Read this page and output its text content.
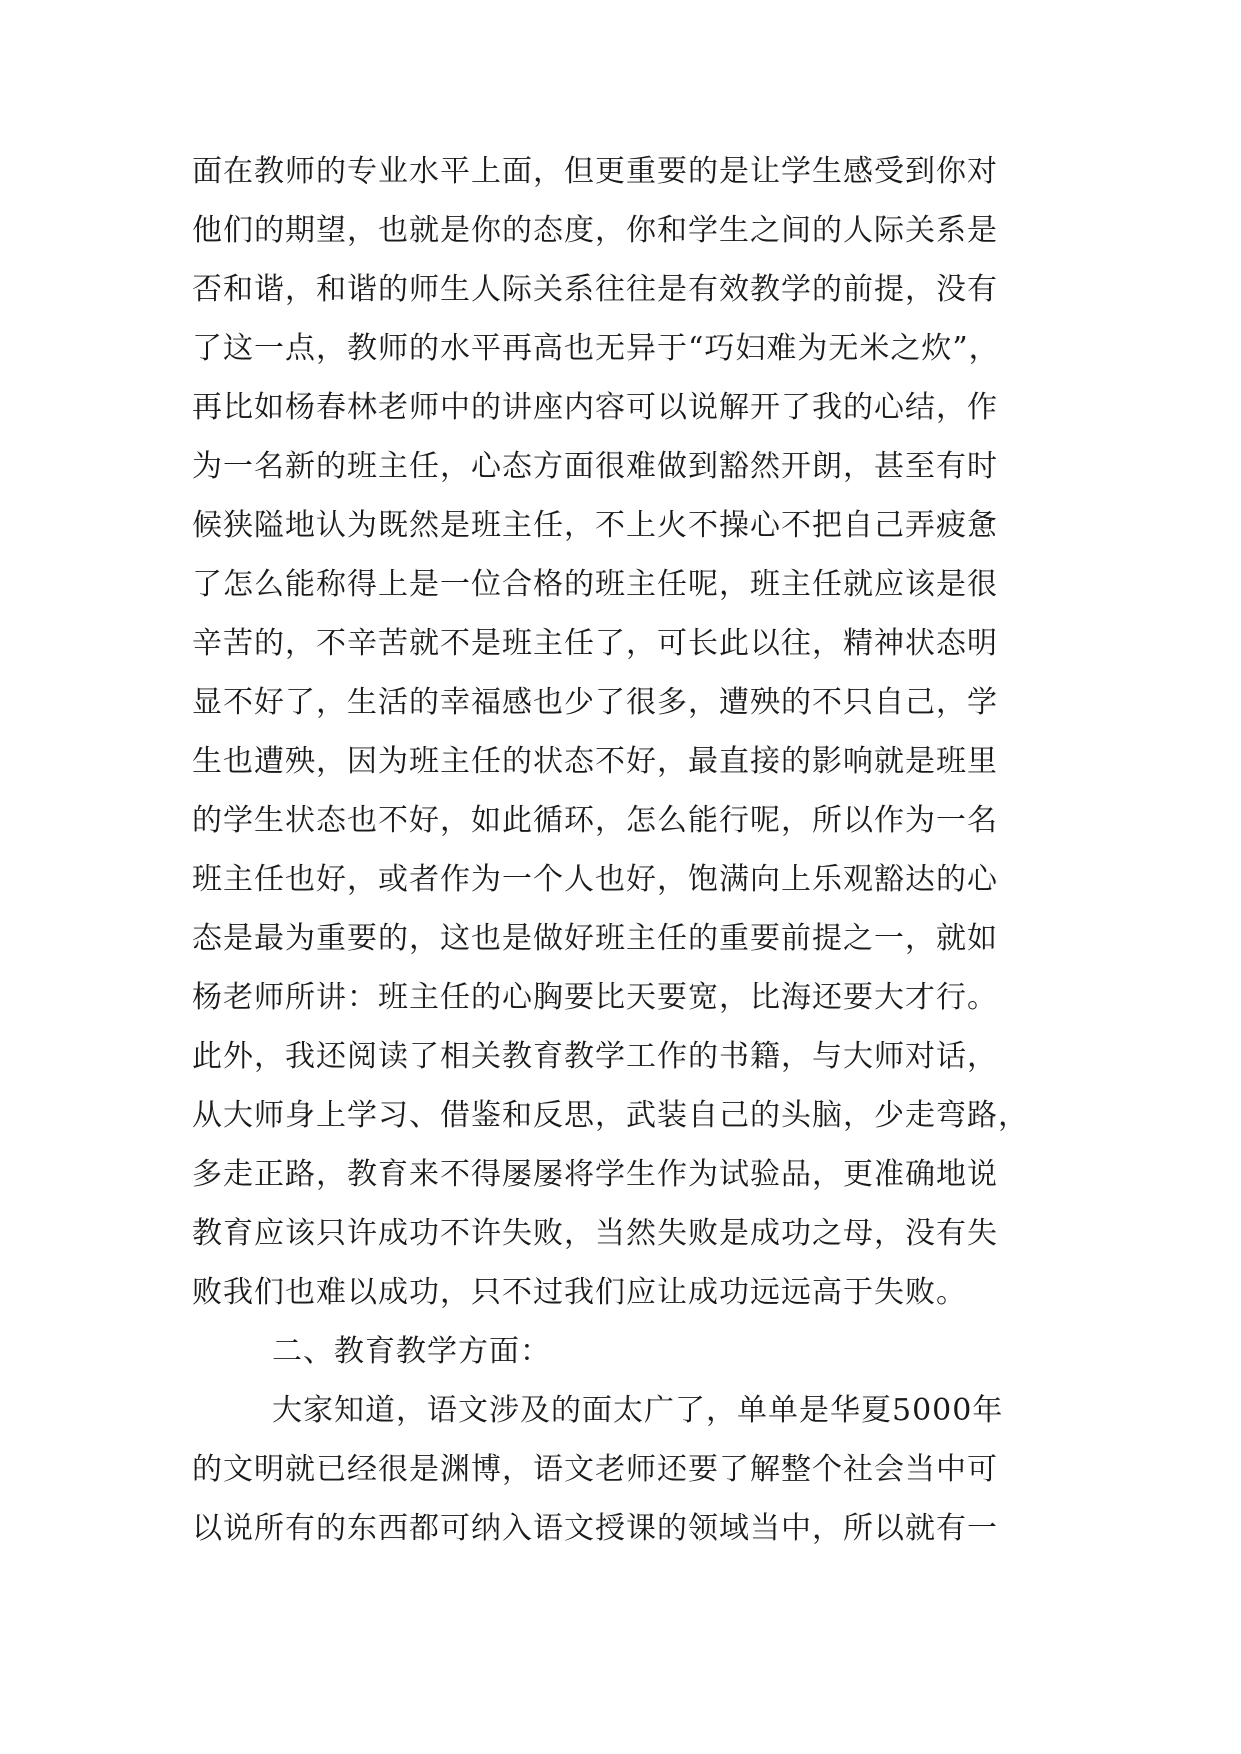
面在教师的专业水平上面，但更重要的是让学生感受到你对
他们的期望，也就是你的态度，你和学生之间的人际关系是
否和谐，和谐的师生人际关系往往是有效教学的前提，没有
了这一点，教师的水平再高也无异于“巧妇难为无米之炊”，
再比如杨春林老师中的讲座内容可以说解开了我的心结，作
为一名新的班主任，心态方面很难做到豁然开朗，甚至有时
候狭隘地认为既然是班主任，不上火不操心不把自己弄疲惫
了怎么能称得上是一位合格的班主任呢，班主任就应该是很
辛苦的，不辛苦就不是班主任了，可长此以往，精神状态明
显不好了，生活的幸福感也少了很多，遭殃的不只自己，学
生也遭殃，因为班主任的状态不好，最直接的影响就是班里
的学生状态也不好，如此循环，怎么能行呢，所以作为一名
班主任也好，或者作为一个人也好，饱满向上乐观豁达的心
态是最为重要的，这也是做好班主任的重要前提之一，就如
杨老师所讲：班主任的心胸要比天要宽，比海还要大才行。
此外，我还阅读了相关教育教学工作的书籍，与大师对话，
从大师身上学习、借鉴和反思，武装自己的头脑，少走弯路，
多走正路，教育来不得屡屡将学生作为试验品，更准确地说
教育应该只许成功不许失败，当然失败是成功之母，没有失
败我们也难以成功，只不过我们应让成功远远高于失败。
二、教育教学方面：
大家知道，语文涉及的面太广了，单单是华夏5000年
的文明就已经很是渊博，语文老师还要了解整个社会当中可
以说所有的东西都可纳入语文授课的领域当中，所以就有一
